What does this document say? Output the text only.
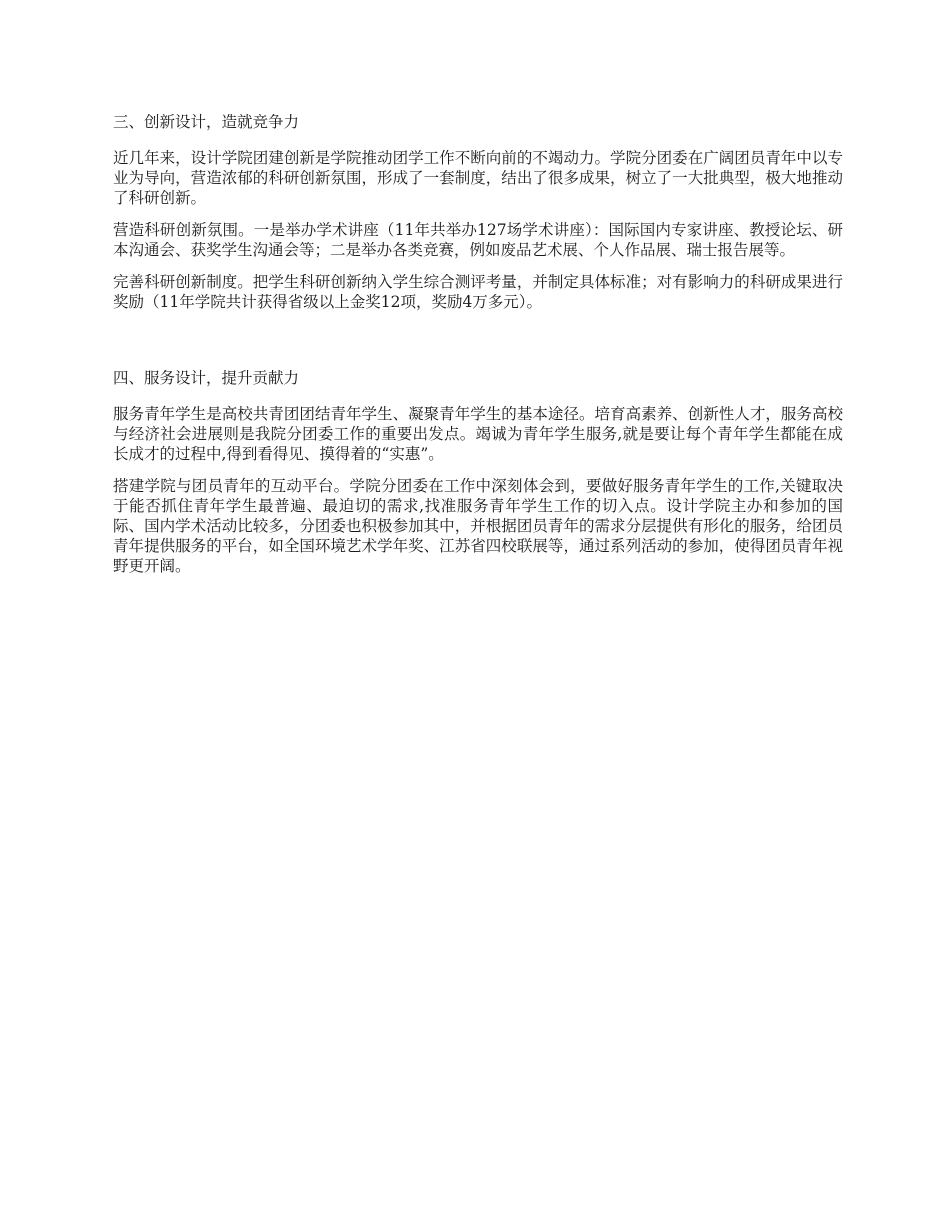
三、创新设计，造就竞争力

近几年来，设计学院团建创新是学院推动团学工作不断向前的不竭动力。学院分团委在广阔团员青年中以专业为导向，营造浓郁的科研创新氛围，形成了一套制度，结出了很多成果，树立了一大批典型，极大地推动了科研创新。

营造科研创新氛围。一是举办学术讲座（11年共举办127场学术讲座）：国际国内专家讲座、教授论坛、研本沟通会、获奖学生沟通会等；二是举办各类竞赛，例如废品艺术展、个人作品展、瑞士报告展等。

完善科研创新制度。把学生科研创新纳入学生综合测评考量，并制定具体标准；对有影响力的科研成果进行奖励（11年学院共计获得省级以上金奖12项，奖励4万多元）。

四、服务设计，提升贡献力

服务青年学生是高校共青团团结青年学生、凝聚青年学生的基本途径。培育高素养、创新性人才，服务高校与经济社会进展则是我院分团委工作的重要出发点。竭诚为青年学生服务,就是要让每个青年学生都能在成长成才的过程中,得到看得见、摸得着的“实惠”。

搭建学院与团员青年的互动平台。学院分团委在工作中深刻体会到，要做好服务青年学生的工作,关键取决于能否抓住青年学生最普遍、最迫切的需求,找准服务青年学生工作的切入点。设计学院主办和参加的国际、国内学术活动比较多，分团委也积极参加其中，并根据团员青年的需求分层提供有形化的服务，给团员青年提供服务的平台，如全国环境艺术学年奖、江苏省四校联展等，通过系列活动的参加，使得团员青年视野更开阔。
